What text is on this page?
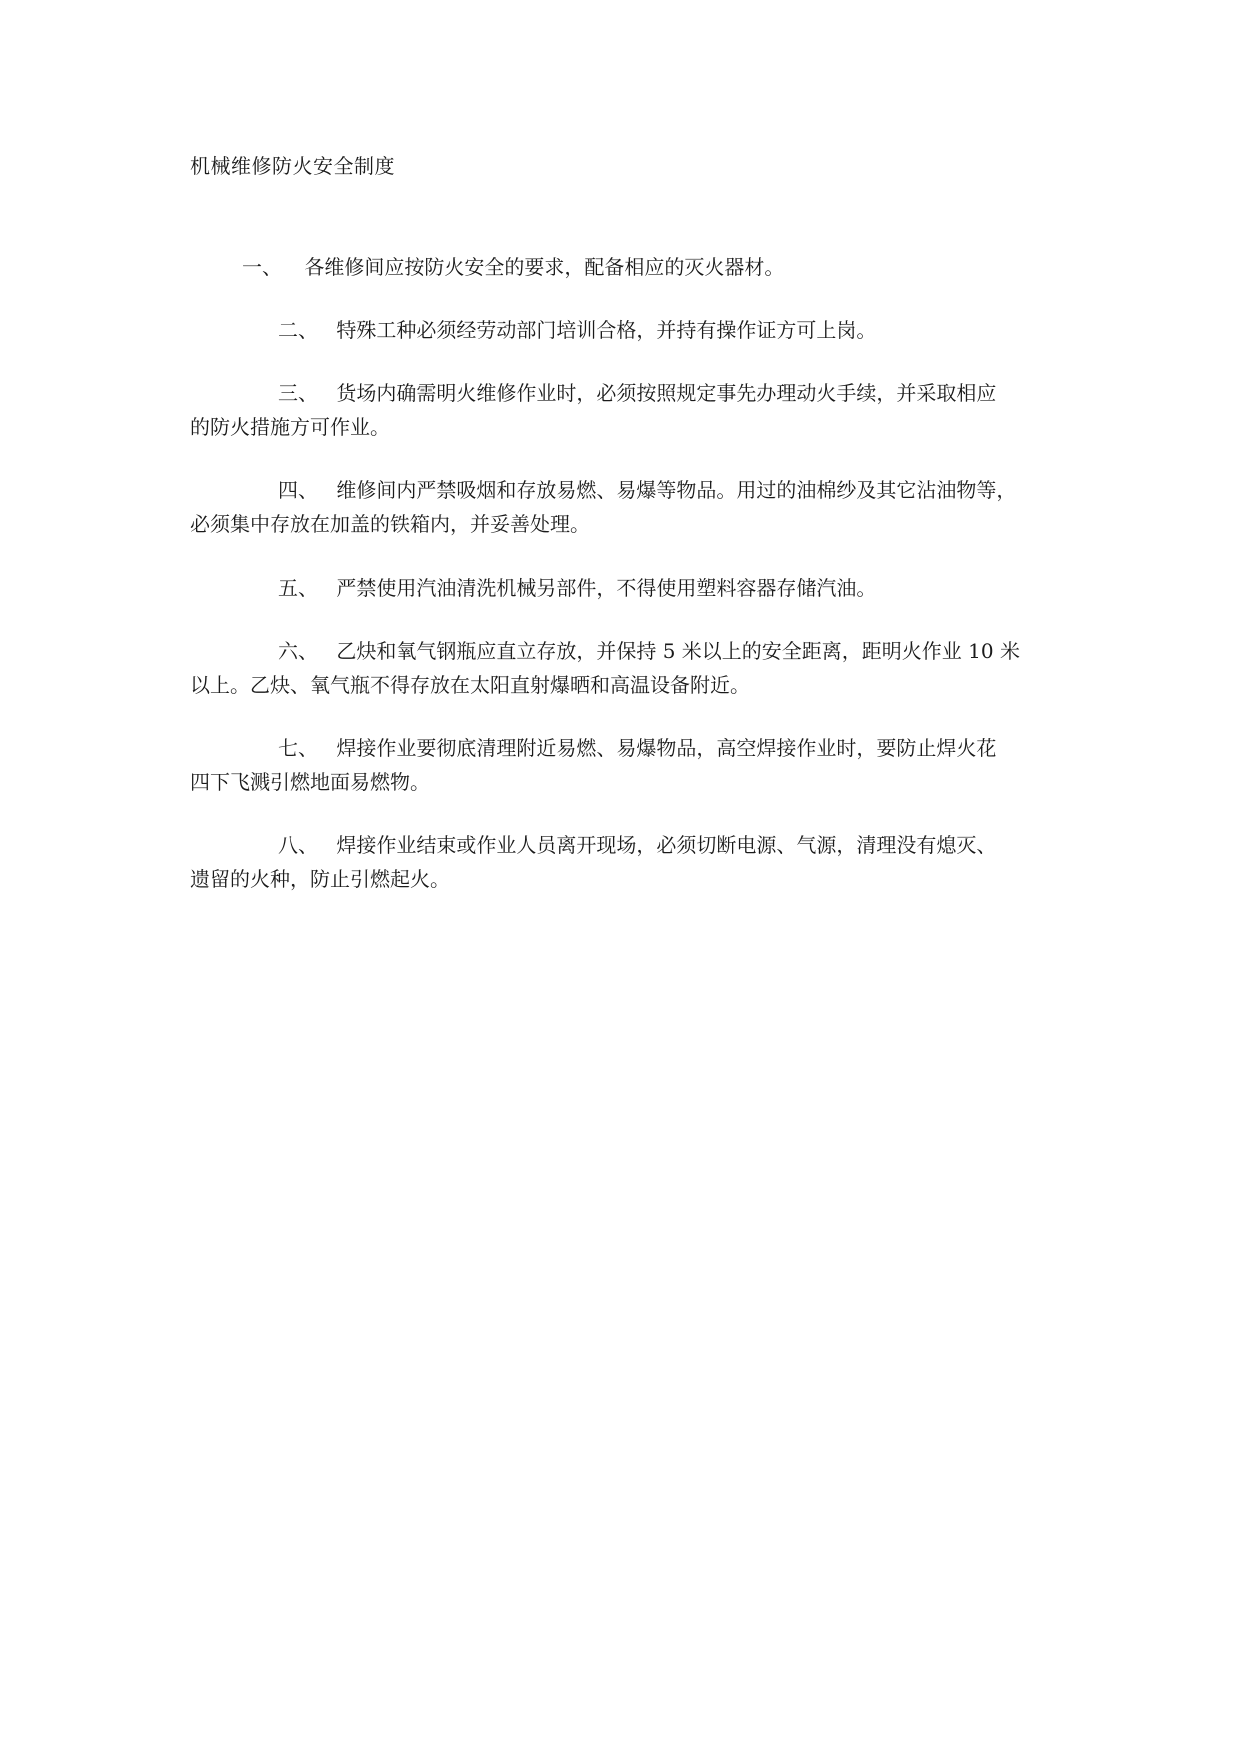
机械维修防火安全制度
一、 各维修间应按防火安全的要求，配备相应的灭火器材。
二、 特殊工种必须经劳动部门培训合格，并持有操作证方可上岗。
三、 货场内确需明火维修作业时，必须按照规定事先办理动火手续，并采取相应
的防火措施方可作业。
四、 维修间内严禁吸烟和存放易燃、易爆等物品。用过的油棉纱及其它沾油物等，
必须集中存放在加盖的铁箱内，并妥善处理。
五、 严禁使用汽油清洗机械另部件，不得使用塑料容器存储汽油。
六、 乙炔和氧气钢瓶应直立存放，并保持 5 米以上的安全距离，距明火作业 10 米
以上。乙炔、氧气瓶不得存放在太阳直射爆晒和高温设备附近。
七、 焊接作业要彻底清理附近易燃、易爆物品，高空焊接作业时，要防止焊火花
四下飞溅引燃地面易燃物。
八、 焊接作业结束或作业人员离开现场，必须切断电源、气源，清理没有熄灭、
遗留的火种，防止引燃起火。
